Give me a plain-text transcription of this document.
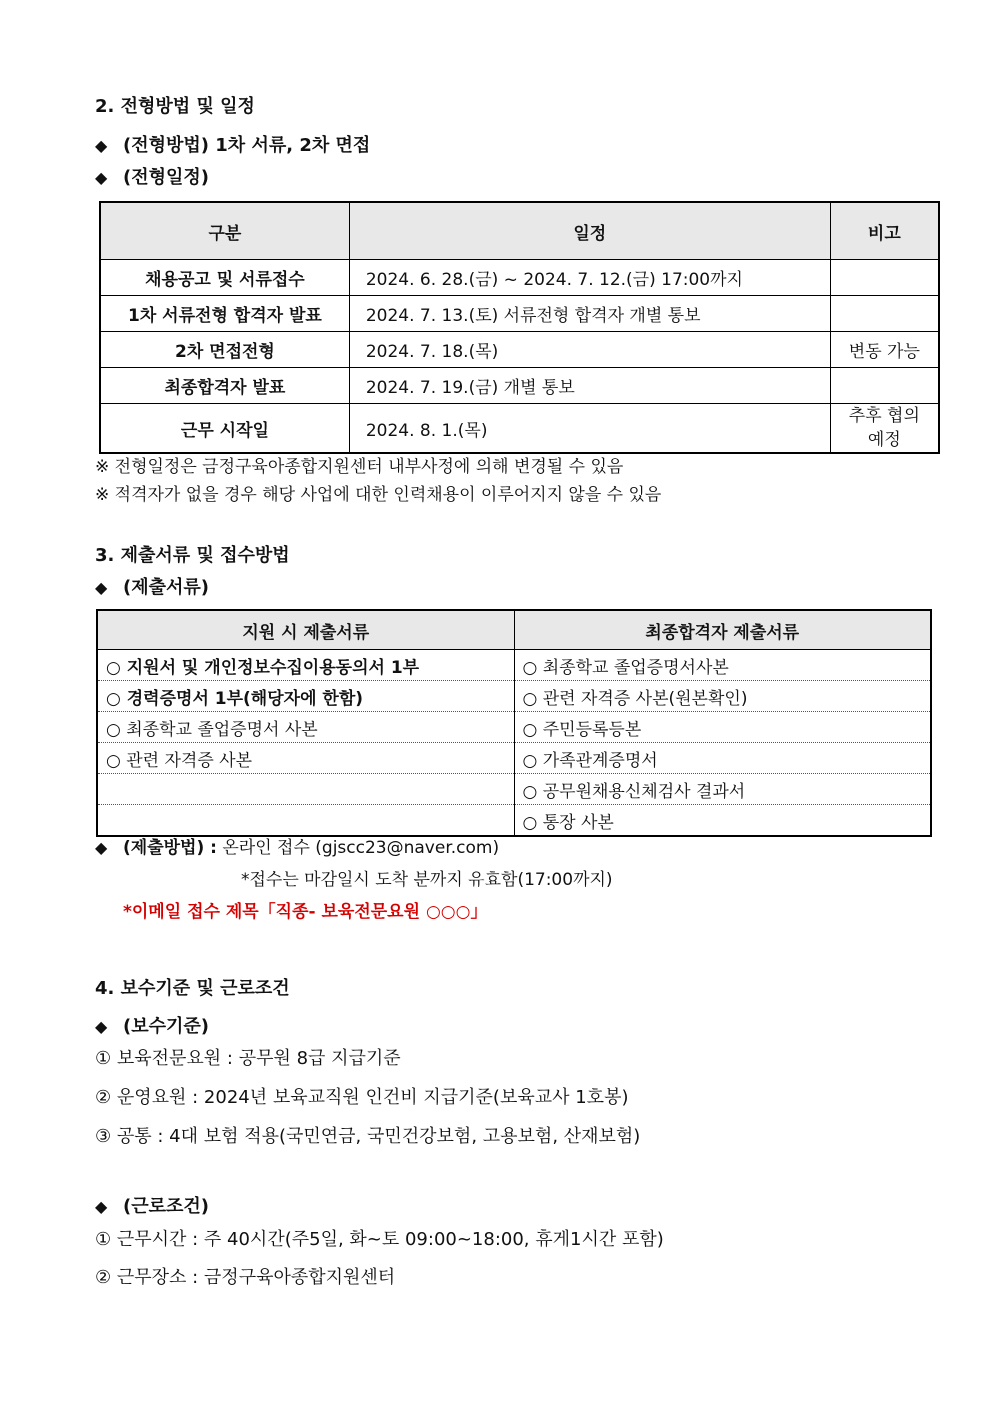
2. 전형방법 및 일정
◆ (전형방법) 1차 서류, 2차 면접
◆ (전형일정)
구분	일정	비고
채용공고 및 서류접수	2024. 6. 28.(금) ~ 2024. 7. 12.(금) 17:00까지	
1차 서류전형 합격자 발표	2024. 7. 13.(토) 서류전형 합격자 개별 통보	
2차 면접전형	2024. 7. 18.(목)	변동 가능
최종합격자 발표	2024. 7. 19.(금) 개별 통보	
근무 시작일	2024. 8. 1.(목)	추후 협의 예정
※ 전형일정은 금정구육아종합지원센터 내부사정에 의해 변경될 수 있음
※ 적격자가 없을 경우 해당 사업에 대한 인력채용이 이루어지지 않을 수 있음
3. 제출서류 및 접수방법
◆ (제출서류)
지원 시 제출서류	최종합격자 제출서류
○ 지원서 및 개인정보수집이용동의서 1부	○ 최종학교 졸업증명서사본
○ 경력증명서 1부(해당자에 한함)	○ 관련 자격증 사본(원본확인)
○ 최종학교 졸업증명서 사본	○ 주민등록등본
○ 관련 자격증 사본	○ 가족관계증명서
	○ 공무원채용신체검사 결과서
	○ 통장 사본
◆ (제출방법) : 온라인 접수 (gjscc23@naver.com)
*접수는 마감일시 도착 분까지 유효함(17:00까지)
*이메일 접수 제목「직종- 보육전문요원 ○○○」
4. 보수기준 및 근로조건
◆ (보수기준)
① 보육전문요원 : 공무원 8급 지급기준
② 운영요원 : 2024년 보육교직원 인건비 지급기준(보육교사 1호봉)
③ 공통 : 4대 보험 적용(국민연금, 국민건강보험, 고용보험, 산재보험)
◆ (근로조건)
① 근무시간 : 주 40시간(주5일, 화~토 09:00~18:00, 휴게1시간 포함)
② 근무장소 : 금정구육아종합지원센터
